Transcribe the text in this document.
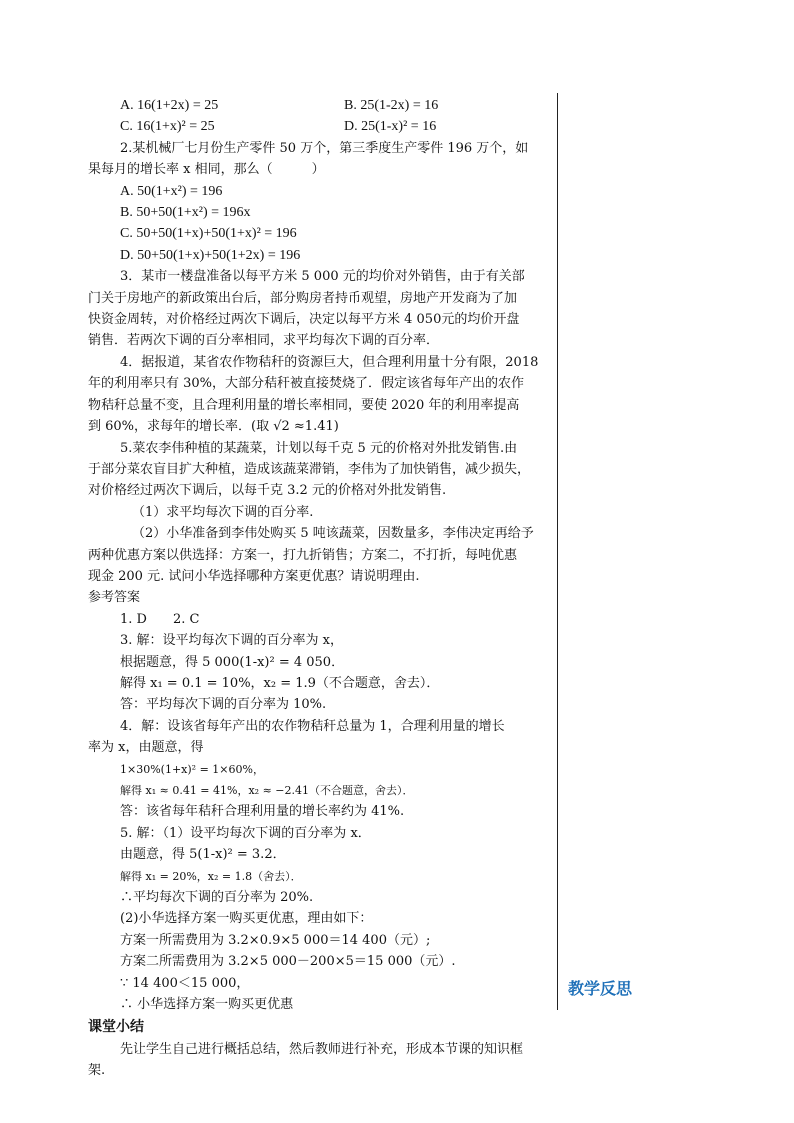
A. 16(1+2x) = 25	B. 25(1-2x) = 16
C. 16(1+x)² = 25	D. 25(1-x)² = 16
2.某机械厂七月份生产零件 50 万个，第三季度生产零件 196 万个，如
果每月的增长率 x 相同，那么（　　　）
A. 50(1+x²) = 196
B. 50+50(1+x²) = 196x
C. 50+50(1+x)+50(1+x)² = 196
D. 50+50(1+x)+50(1+2x) = 196
3．某市一楼盘准备以每平方米 5 000 元的均价对外销售，由于有关部
门关于房地产的新政策出台后，部分购房者持币观望，房地产开发商为了加
快资金周转，对价格经过两次下调后，决定以每平方米 4 050元的均价开盘
销售．若两次下调的百分率相同，求平均每次下调的百分率．
4．据报道，某省农作物秸秆的资源巨大，但合理利用量十分有限，2018
年的利用率只有 30%，大部分秸秆被直接焚烧了．假定该省每年产出的农作
物秸秆总量不变，且合理利用量的增长率相同，要使 2020 年的利用率提高
到 60%，求每年的增长率．(取 √2 ≈1.41)
5.菜农李伟种植的某蔬菜，计划以每千克 5 元的价格对外批发销售.由
于部分菜农盲目扩大种植，造成该蔬菜滞销，李伟为了加快销售，减少损失，
对价格经过两次下调后，以每千克 3.2 元的价格对外批发销售.
（1）求平均每次下调的百分率.
（2）小华准备到李伟处购买 5 吨该蔬菜，因数量多，李伟决定再给予
两种优惠方案以供选择：方案一，打九折销售；方案二，不打折，每吨优惠
现金 200 元. 试问小华选择哪种方案更优惠？请说明理由.
参考答案
1. D　　2. C
3. 解：设平均每次下调的百分率为 x，
根据题意，得 5 000(1-x)² = 4 050．
解得 x₁ = 0.1 = 10%，x₂ = 1.9（不合题意，舍去）．
答：平均每次下调的百分率为 10%.
4．解：设该省每年产出的农作物秸秆总量为 1，合理利用量的增长
率为 x，由题意，得
1×30%(1+x)² = 1×60%，
解得 x₁ ≈ 0.41 = 41%，x₂ ≈ −2.41（不合题意，舍去）．
答：该省每年秸秆合理利用量的增长率约为 41%.
5. 解：（1）设平均每次下调的百分率为 x．
由题意，得 5(1-x)² = 3.2．
解得 x₁ = 20%，x₂ = 1.8（舍去）．
∴平均每次下调的百分率为 20%.
(2)小华选择方案一购买更优惠，理由如下：
方案一所需费用为 3.2×0.9×5 000＝14 400（元）;
方案二所需费用为 3.2×5 000－200×5＝15 000（元）.
∵ 14 400＜15 000，
∴ 小华选择方案一购买更优惠
课堂小结
先让学生自己进行概括总结，然后教师进行补充，形成本节课的知识框
架.
教学反思
